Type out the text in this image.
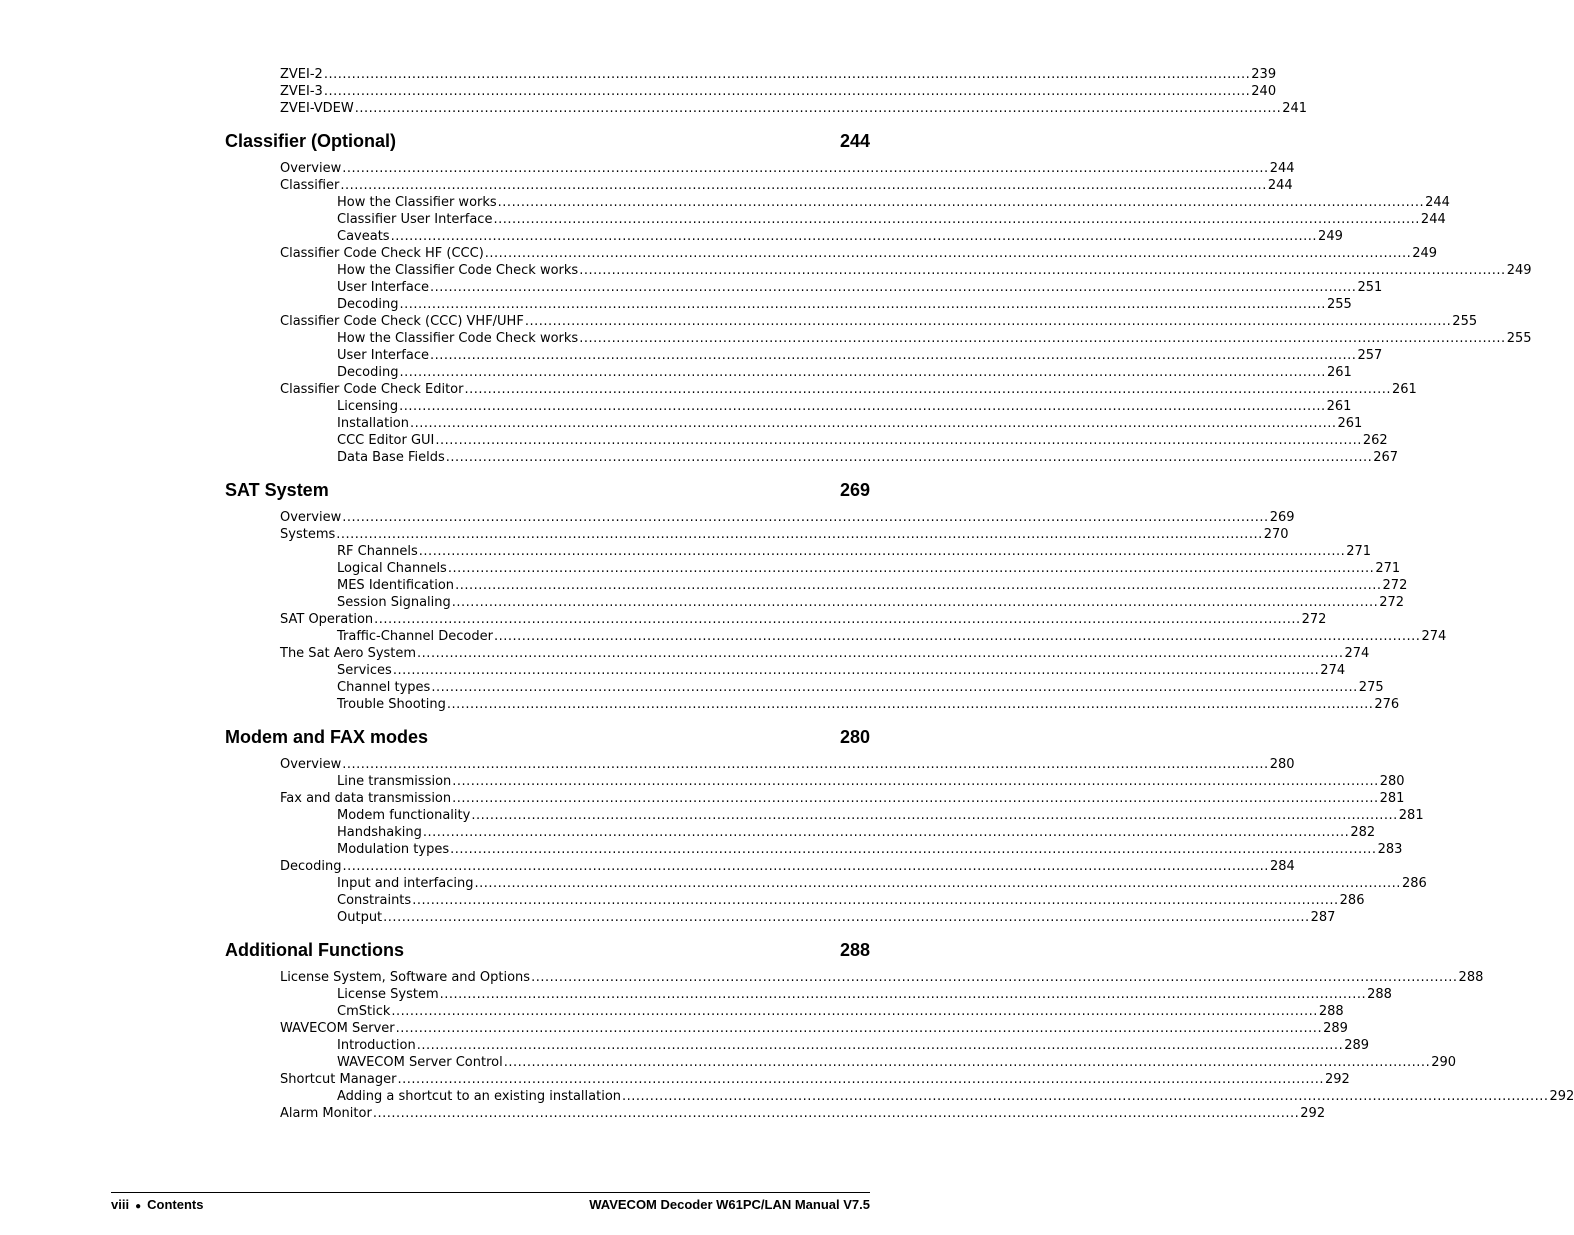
ZVEI-2 ........................................................................................................................................................................................................ 239
ZVEI-3 ........................................................................................................................................................................................................ 240
ZVEI-VDEW ........................................................................................................................................................................................................ 241
Classifier (Optional)	244
Overview ........................................................................................................................................................................................................ 244
Classifier ........................................................................................................................................................................................................ 244
How the Classifier works ........................................................................................................................................................................................................ 244
Classifier User Interface ........................................................................................................................................................................................................ 244
Caveats ........................................................................................................................................................................................................ 249
Classifier Code Check HF (CCC) ........................................................................................................................................................................................................ 249
How the Classifier Code Check works ........................................................................................................................................................................................................ 249
User Interface ........................................................................................................................................................................................................ 251
Decoding ........................................................................................................................................................................................................ 255
Classifier Code Check (CCC) VHF/UHF ........................................................................................................................................................................................................ 255
How the Classifier Code Check works ........................................................................................................................................................................................................ 255
User Interface ........................................................................................................................................................................................................ 257
Decoding ........................................................................................................................................................................................................ 261
Classifier Code Check Editor ........................................................................................................................................................................................................ 261
Licensing ........................................................................................................................................................................................................ 261
Installation ........................................................................................................................................................................................................ 261
CCC Editor GUI ........................................................................................................................................................................................................ 262
Data Base Fields ........................................................................................................................................................................................................ 267
SAT System	269
Overview ........................................................................................................................................................................................................ 269
Systems ........................................................................................................................................................................................................ 270
RF Channels ........................................................................................................................................................................................................ 271
Logical Channels ........................................................................................................................................................................................................ 271
MES Identification ........................................................................................................................................................................................................ 272
Session Signaling ........................................................................................................................................................................................................ 272
SAT Operation ........................................................................................................................................................................................................ 272
Traffic-Channel Decoder ........................................................................................................................................................................................................ 274
The Sat Aero System ........................................................................................................................................................................................................ 274
Services ........................................................................................................................................................................................................ 274
Channel types ........................................................................................................................................................................................................ 275
Trouble Shooting ........................................................................................................................................................................................................ 276
Modem and FAX modes	280
Overview ........................................................................................................................................................................................................ 280
Line transmission ........................................................................................................................................................................................................ 280
Fax and data transmission ........................................................................................................................................................................................................ 281
Modem functionality ........................................................................................................................................................................................................ 281
Handshaking ........................................................................................................................................................................................................ 282
Modulation types ........................................................................................................................................................................................................ 283
Decoding ........................................................................................................................................................................................................ 284
Input and interfacing ........................................................................................................................................................................................................ 286
Constraints ........................................................................................................................................................................................................ 286
Output ........................................................................................................................................................................................................ 287
Additional Functions	288
License System, Software and Options ........................................................................................................................................................................................................ 288
License System ........................................................................................................................................................................................................ 288
CmStick ........................................................................................................................................................................................................ 288
WAVECOM Server ........................................................................................................................................................................................................ 289
Introduction ........................................................................................................................................................................................................ 289
WAVECOM Server Control ........................................................................................................................................................................................................ 290
Shortcut Manager ........................................................................................................................................................................................................ 292
Adding a shortcut to an existing installation ........................................................................................................................................................................................................ 292
Alarm Monitor ........................................................................................................................................................................................................ 292
viii ● Contents	WAVECOM Decoder W61PC/LAN Manual V7.5
